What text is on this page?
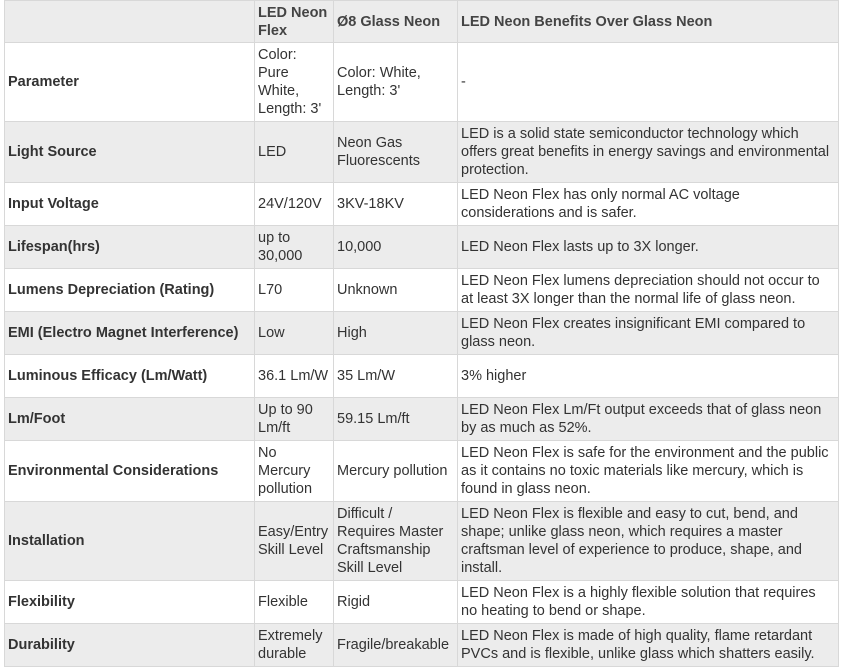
	LED Neon Flex	Ø8 Glass Neon	LED Neon Benefits Over Glass Neon
Parameter	Color: Pure White, Length: 3'	Color: White, Length: 3'	-
Light Source	LED	Neon Gas Fluorescents	LED is a solid state semiconductor technology which offers great benefits in energy savings and environmental protection.
Input Voltage	24V/120V	3KV-18KV	LED Neon Flex has only normal AC voltage considerations and is safer.
Lifespan(hrs)	up to 30,000	10,000	LED Neon Flex lasts up to 3X longer.
Lumens Depreciation (Rating)	L70	Unknown	LED Neon Flex lumens depreciation should not occur to at least 3X longer than the normal life of glass neon.
EMI (Electro Magnet Interference)	Low	High	LED Neon Flex creates insignificant EMI compared to glass neon.
Luminous Efficacy (Lm/Watt)	36.1 Lm/W	35 Lm/W	3% higher
Lm/Foot	Up to 90 Lm/ft	59.15 Lm/ft	LED Neon Flex Lm/Ft output exceeds that of glass neon by as much as 52%.
Environmental Considerations	No Mercury pollution	Mercury pollution	LED Neon Flex is safe for the environment and the public as it contains no toxic materials like mercury, which is found in glass neon.
Installation	Easy/Entry Skill Level	Difficult / Requires Master Craftsmanship Skill Level	LED Neon Flex is flexible and easy to cut, bend, and shape; unlike glass neon, which requires a master craftsman level of experience to produce, shape, and install.
Flexibility	Flexible	Rigid	LED Neon Flex is a highly flexible solution that requires no heating to bend or shape.
Durability	Extremely durable	Fragile/breakable	LED Neon Flex is made of high quality, flame retardant PVCs and is flexible, unlike glass which shatters easily.
